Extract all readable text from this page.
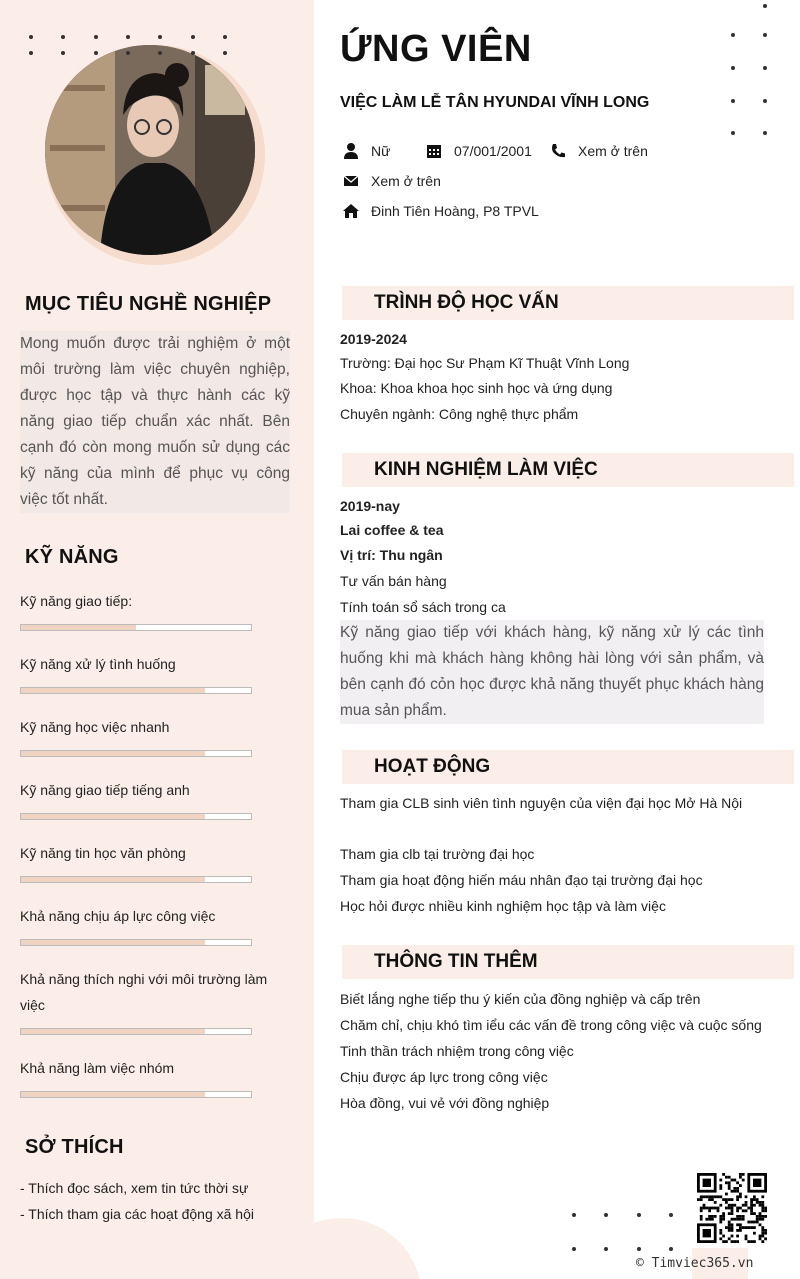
MỤC TIÊU NGHỀ NGHIỆP
Mong muốn được trải nghiệm ở một môi trường làm việc chuyên nghiệp, được học tập và thực hành các kỹ năng giao tiếp chuẩn xác nhất. Bên cạnh đó còn mong muốn sử dụng các kỹ năng của mình để phục vụ công việc tốt nhất.
KỸ NĂNG
Kỹ năng giao tiếp:
Kỹ năng xử lý tình huống
Kỹ năng học việc nhanh
Kỹ năng giao tiếp tiếng anh
Kỹ năng tin học văn phòng
Khả năng chịu áp lực công việc
Khả năng thích nghi với môi trường làm việc
Khả năng làm việc nhóm
SỞ THÍCH
- Thích đọc sách, xem tin tức thời sự
- Thích tham gia các hoạt động xã hội
ỨNG VIÊN
VIỆC LÀM LỄ TÂN HYUNDAI VĨNH LONG
Nữ	07/001/2001	Xem ở trên
Xem ở trên
Đinh Tiên Hoàng, P8 TPVL
TRÌNH ĐỘ HỌC VẤN
2019-2024
Trường: Đại học Sư Phạm Kĩ Thuật Vĩnh Long
Khoa: Khoa khoa học sinh học và ứng dụng
Chuyên ngành: Công nghệ thực phẩm
KINH NGHIỆM LÀM VIỆC
2019-nay
Lai coffee & tea
Vị trí: Thu ngân
Tư vấn bán hàng
Tính toán sổ sách trong ca
Kỹ năng giao tiếp với khách hàng, kỹ năng xử lý các tình huống khi mà khách hàng không hài lòng với sản phẩm, và bên cạnh đó cỏn học được khả năng thuyết phục khách hàng mua sản phẩm.
HOẠT ĐỘNG
Tham gia CLB sinh viên tình nguyện của viện đại học Mở Hà Nội
Tham gia clb tại trường đại học
Tham gia hoạt động hiến máu nhân đạo tại trường đại học
Học hỏi được nhiều kinh nghiệm học tập và làm việc
THÔNG TIN THÊM
Biết lắng nghe tiếp thu ý kiến của đồng nghiệp và cấp trên
Chăm chỉ, chịu khó tìm iểu các vấn đề trong công việc và cuộc sống
Tinh thần trách nhiệm trong công việc
Chịu được áp lực trong công việc
Hòa đồng, vui vẻ với đồng nghiệp
© Timviec365.vn
